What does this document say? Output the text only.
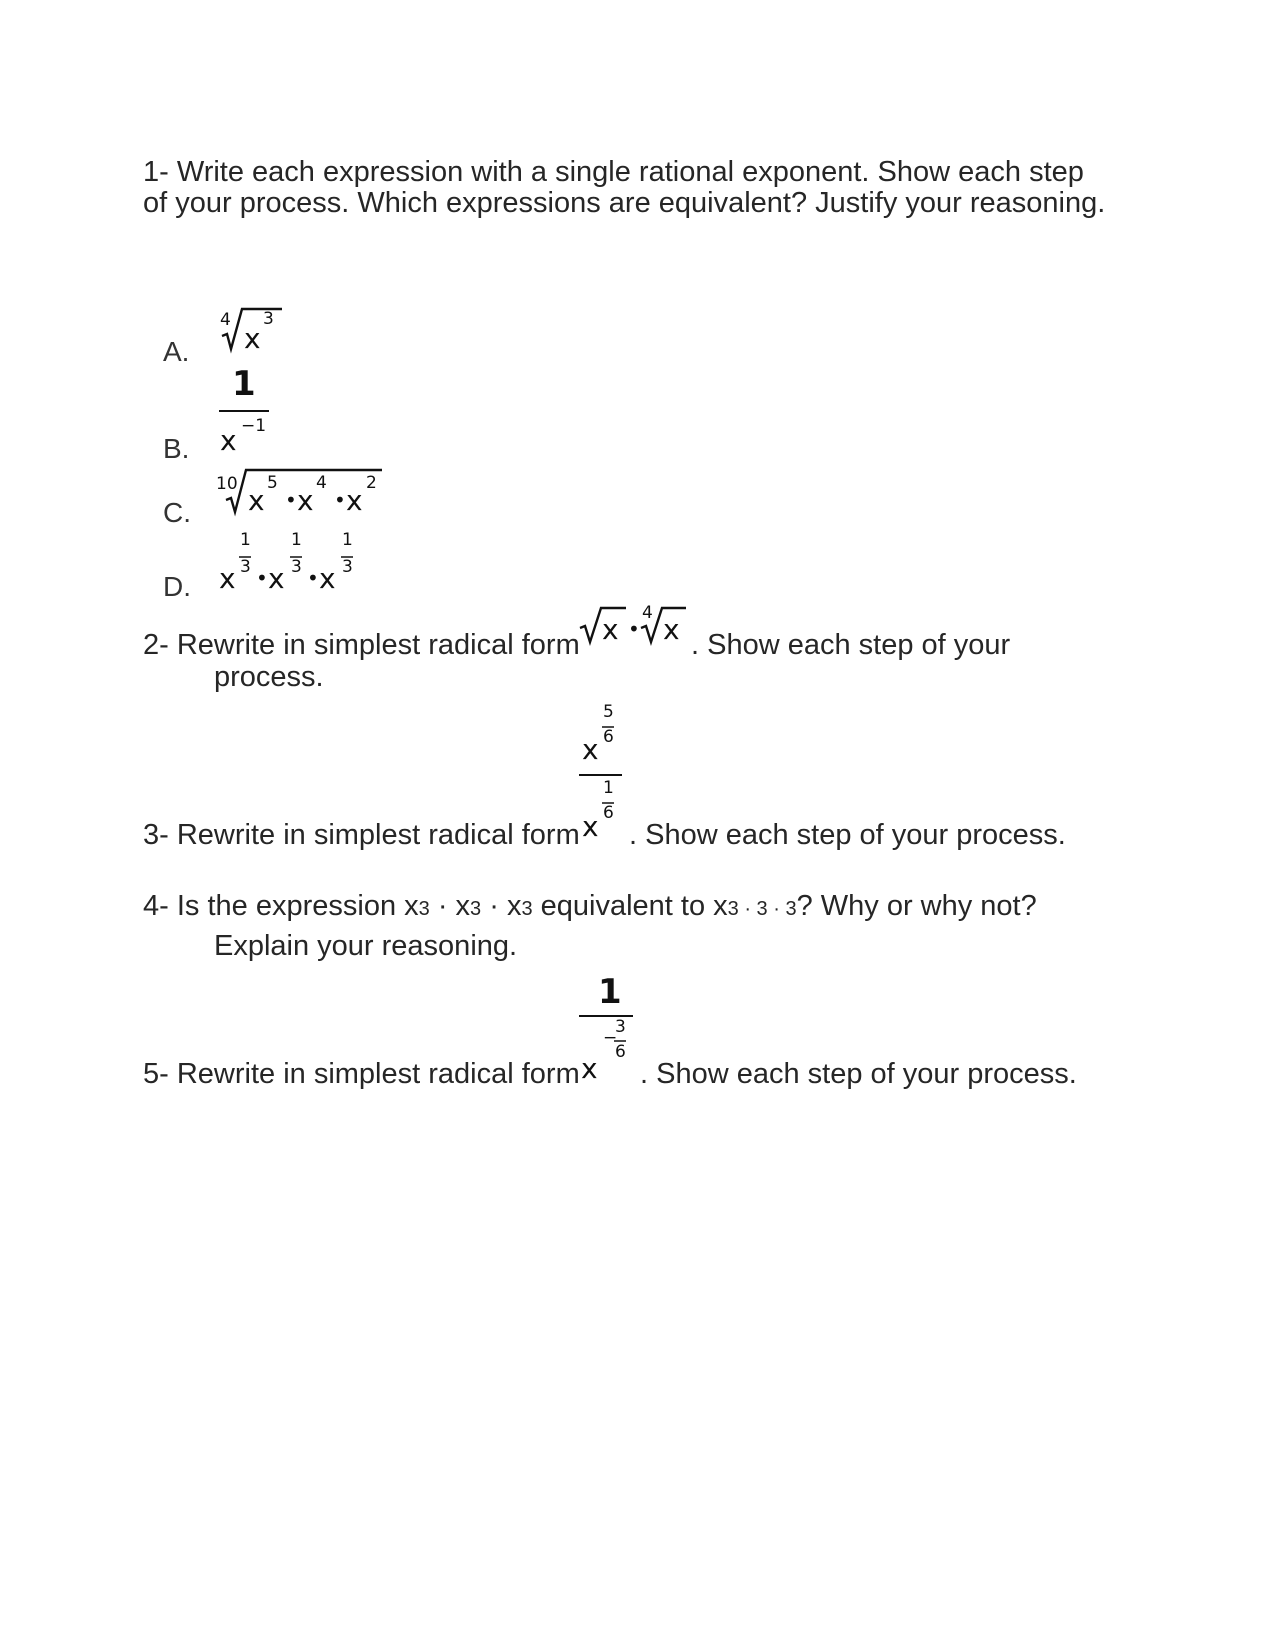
1- Write each expression with a single rational exponent. Show each step
of your process. Which expressions are equivalent? Justify your reasoning.
A.
4
x
3
B.
1
x −1
C.
10 x
5
• x
4
• x
2
D. x
1
3 • x
1
3 • x
1
3
2- Rewrite in simplest radical form x •
4 x . Show each step of your
process.
3- Rewrite in simplest radical form
5
6
x
1
6
x . Show each step of your process.
4- Is the expression x3 · x3 · x3 equivalent to x3 · 3 · 3? Why or why not?
Explain your reasoning.
5- Rewrite in simplest radical form
1
−
3
6
x . Show each step of your process.
